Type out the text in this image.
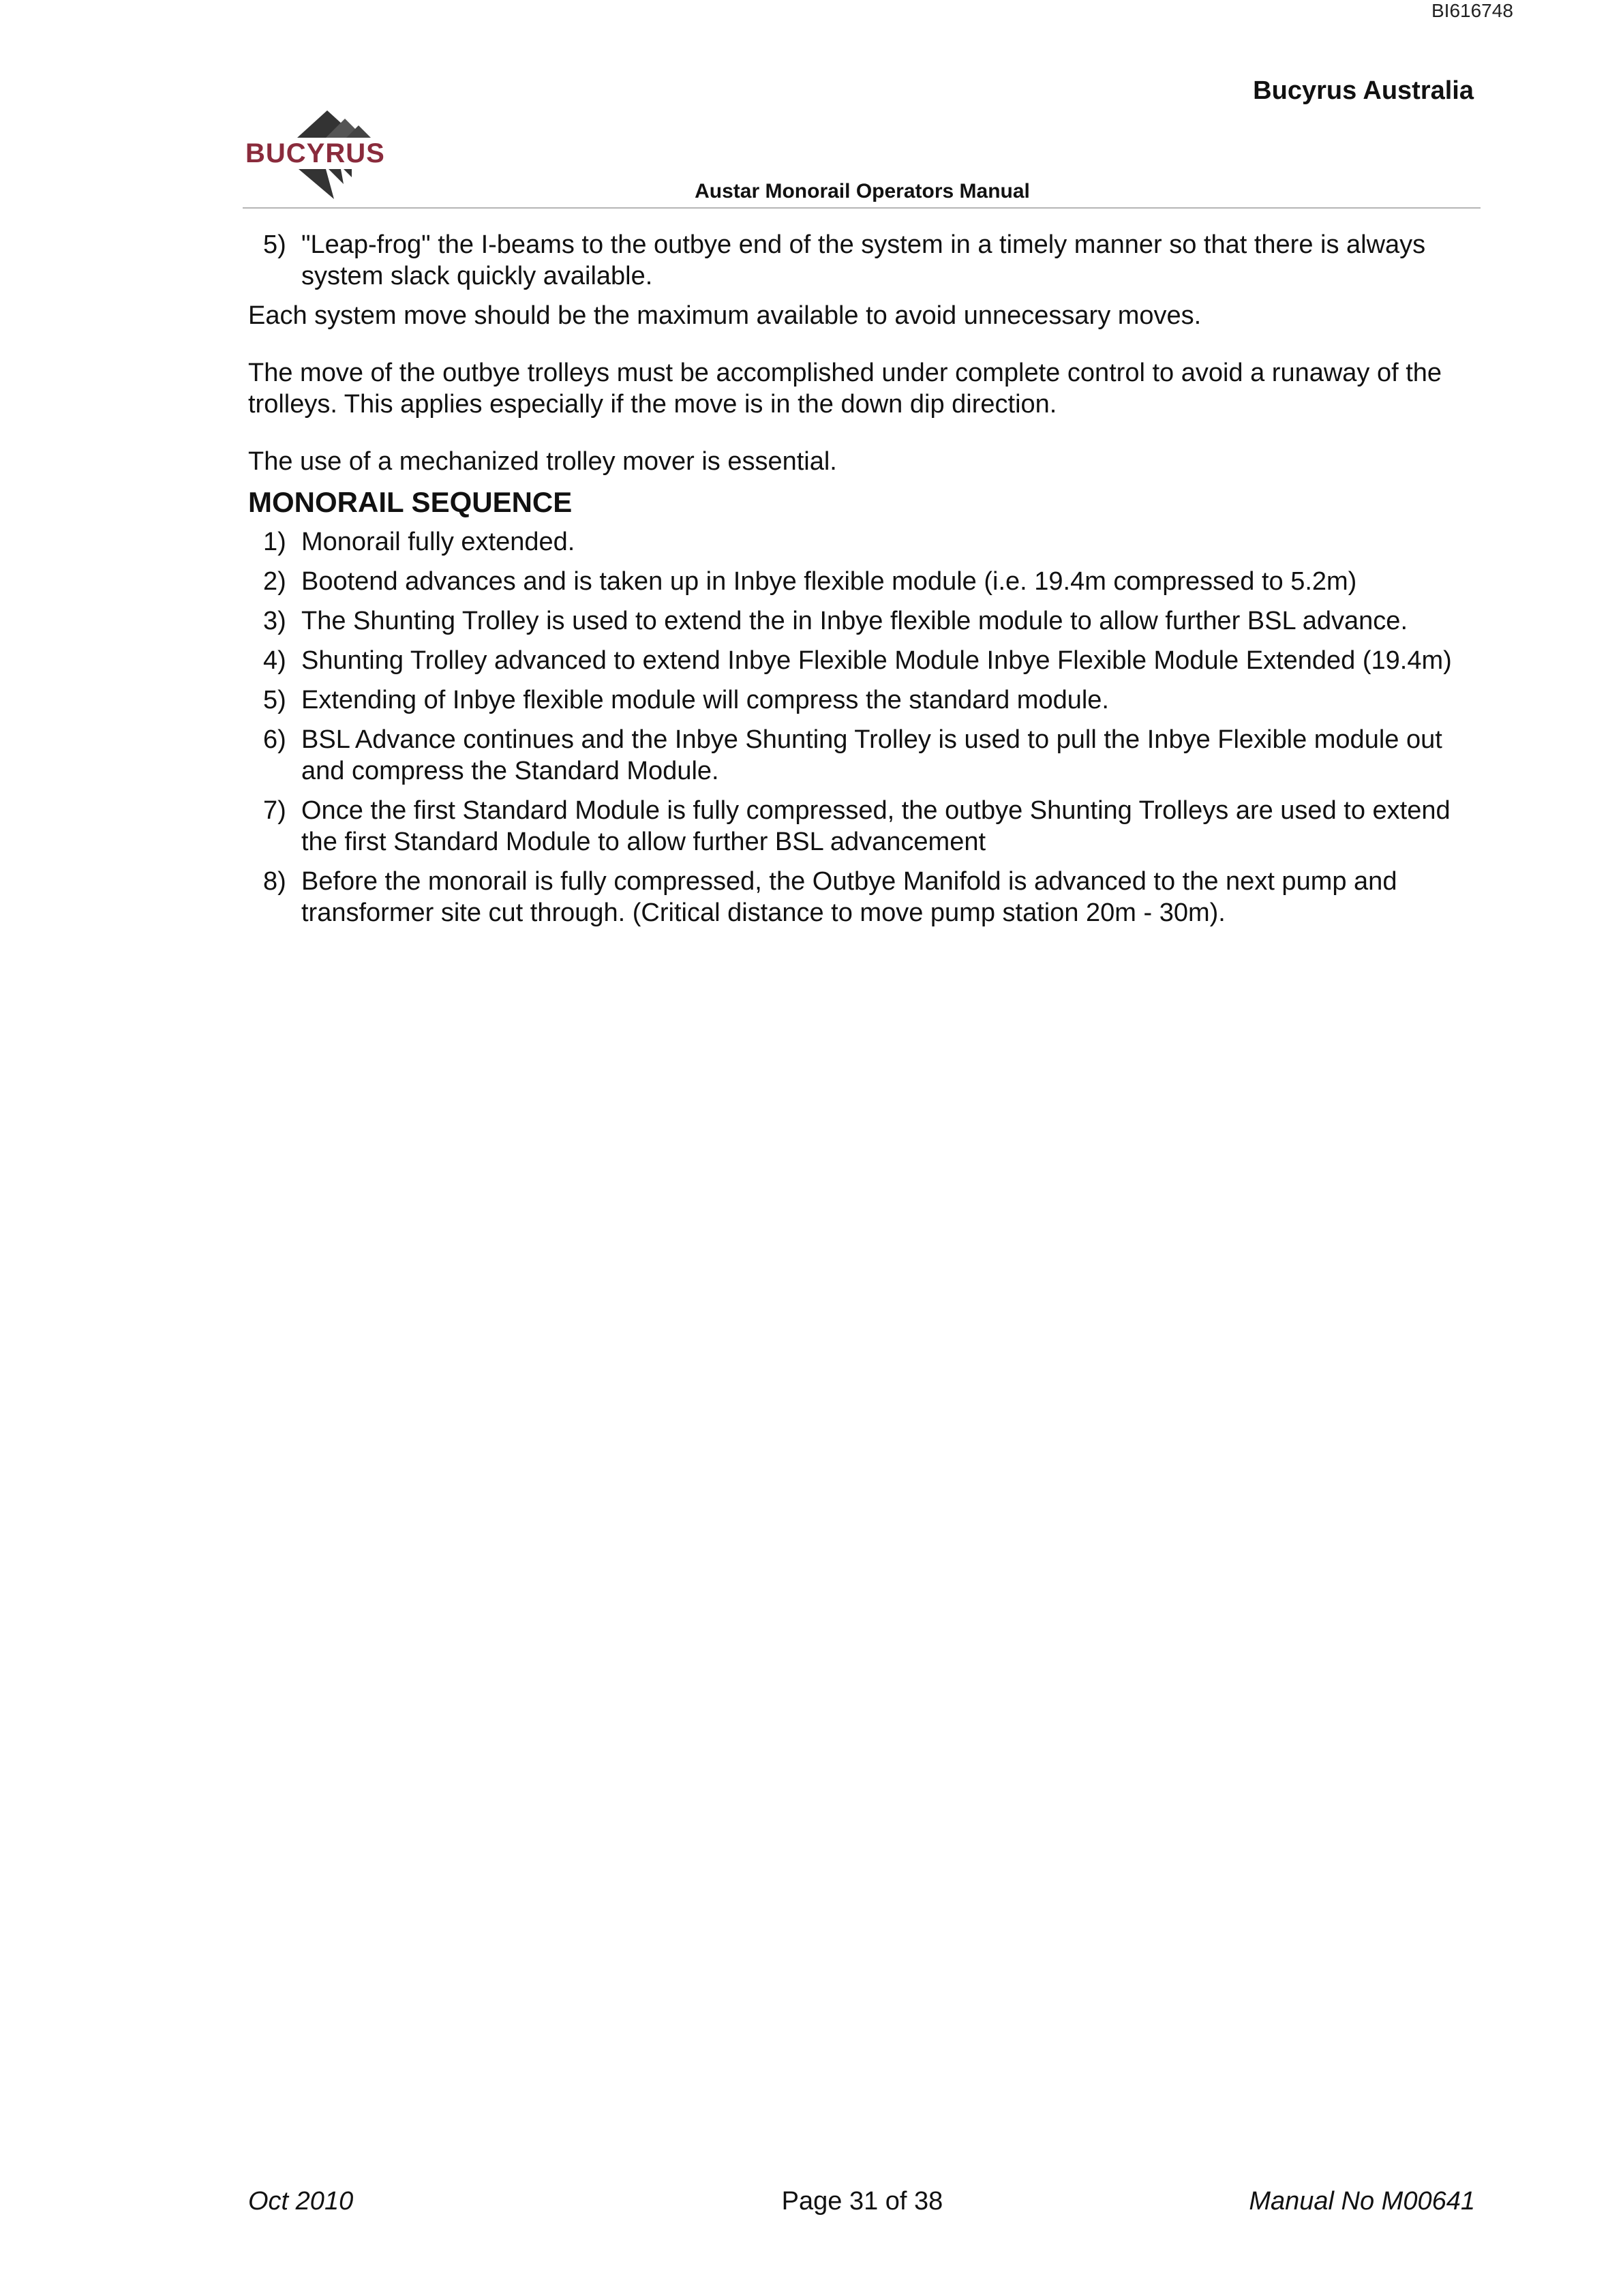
BI616748
Bucyrus Australia
BUCYRUS
Austar Monorail Operators Manual
5) "Leap-frog" the I-beams to the outbye end of the system in a timely manner so that there is always system slack quickly available.

Each system move should be the maximum available to avoid unnecessary moves.

The move of the outbye trolleys must be accomplished under complete control to avoid a runaway of the trolleys. This applies especially if the move is in the down dip direction.

The use of a mechanized trolley mover is essential.

MONORAIL SEQUENCE
1) Monorail fully extended.
2) Bootend advances and is taken up in Inbye flexible module (i.e. 19.4m compressed to 5.2m)
3) The Shunting Trolley is used to extend the in Inbye flexible module to allow further BSL advance.
4) Shunting Trolley advanced to extend Inbye Flexible Module Inbye Flexible Module Extended (19.4m)
5) Extending of Inbye flexible module will compress the standard module.
6) BSL Advance continues and the Inbye Shunting Trolley is used to pull the Inbye Flexible module out and compress the Standard Module.
7) Once the first Standard Module is fully compressed, the outbye Shunting Trolleys are used to extend the first Standard Module to allow further BSL advancement
8) Before the monorail is fully compressed, the Outbye Manifold is advanced to the next pump and transformer site cut through. (Critical distance to move pump station 20m - 30m).
Oct 2010	Page 31 of 38	Manual No M00641
